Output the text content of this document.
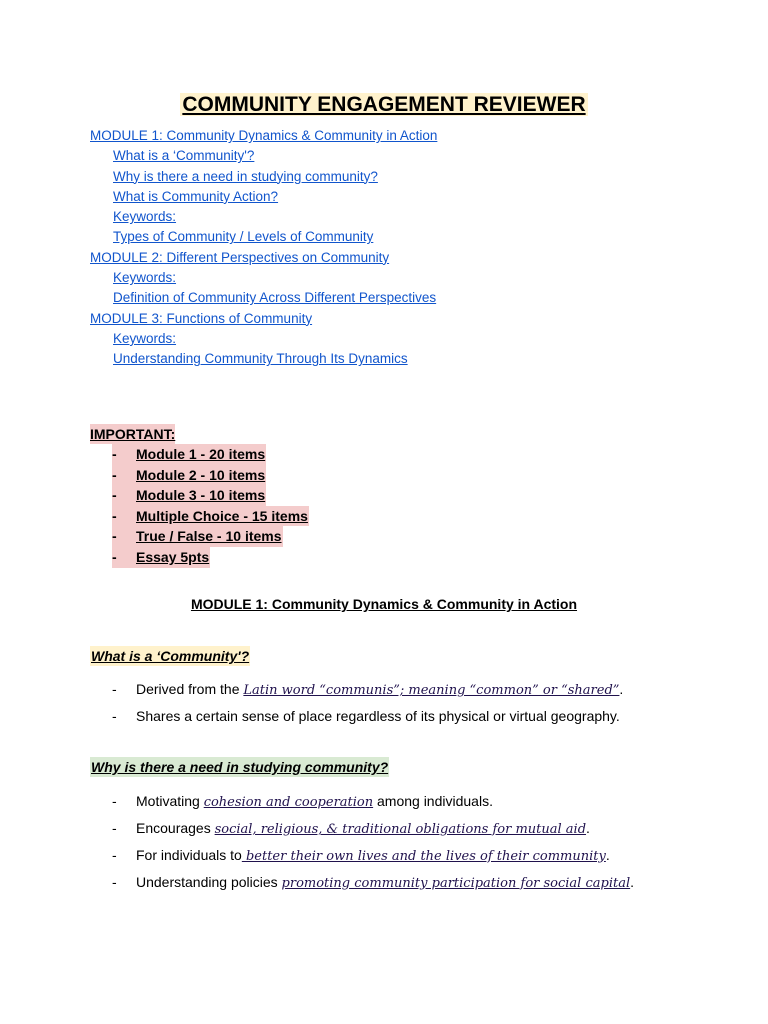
COMMUNITY ENGAGEMENT REVIEWER
MODULE 1: Community Dynamics & Community in Action
What is a ‘Community'?
Why is there a need in studying community?
What is Community Action?
Keywords:
Types of Community / Levels of Community
MODULE 2: Different Perspectives on Community
Keywords:
Definition of Community Across Different Perspectives
MODULE 3: Functions of Community
Keywords:
Understanding Community Through Its Dynamics
IMPORTANT:
-	Module 1 - 20 items
-	Module 2 - 10 items
-	Module 3 - 10 items
-	Multiple Choice - 15 items
-	True / False - 10 items
-	Essay 5pts
MODULE 1: Community Dynamics & Community in Action
What is a ‘Community'?
- Derived from the Latin word “communis”; meaning “common” or “shared”.
- Shares a certain sense of place regardless of its physical or virtual geography.
Why is there a need in studying community?
- Motivating cohesion and cooperation among individuals.
- Encourages social, religious, & traditional obligations for mutual aid.
- For individuals to better their own lives and the lives of their community.
- Understanding policies promoting community participation for social capital.
